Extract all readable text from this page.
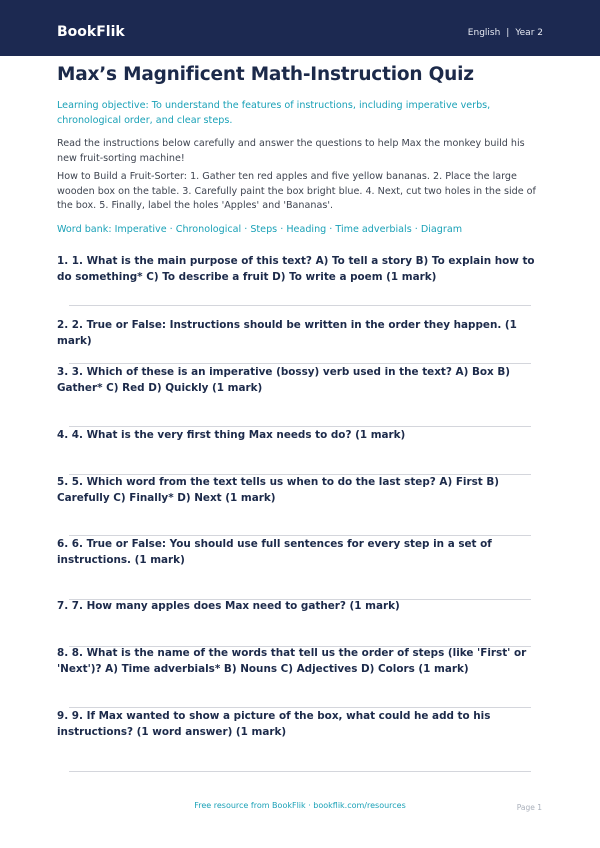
BookFlik	English | Year 2
Max’s Magnificent Math-Instruction Quiz
Learning objective: To understand the features of instructions, including imperative verbs, chronological order, and clear steps.
Read the instructions below carefully and answer the questions to help Max the monkey build his new fruit-sorting machine!
How to Build a Fruit-Sorter: 1. Gather ten red apples and five yellow bananas. 2. Place the large wooden box on the table. 3. Carefully paint the box bright blue. 4. Next, cut two holes in the side of the box. 5. Finally, label the holes 'Apples' and 'Bananas'.
Word bank: Imperative · Chronological · Steps · Heading · Time adverbials · Diagram

1. 1. What is the main purpose of this text? A) To tell a story B) To explain how to do something* C) To describe a fruit D) To write a poem (1 mark)

2. 2. True or False: Instructions should be written in the order they happen. (1 mark)

3. 3. Which of these is an imperative (bossy) verb used in the text? A) Box B) Gather* C) Red D) Quickly (1 mark)

4. 4. What is the very first thing Max needs to do? (1 mark)

5. 5. Which word from the text tells us when to do the last step? A) First B) Carefully C) Finally* D) Next (1 mark)

6. 6. True or False: You should use full sentences for every step in a set of instructions. (1 mark)

7. 7. How many apples does Max need to gather? (1 mark)

8. 8. What is the name of the words that tell us the order of steps (like 'First' or 'Next')? A) Time adverbials* B) Nouns C) Adjectives D) Colors (1 mark)

9. 9. If Max wanted to show a picture of the box, what could he add to his instructions? (1 word answer) (1 mark)

Free resource from BookFlik · bookflik.com/resources	Page 1
